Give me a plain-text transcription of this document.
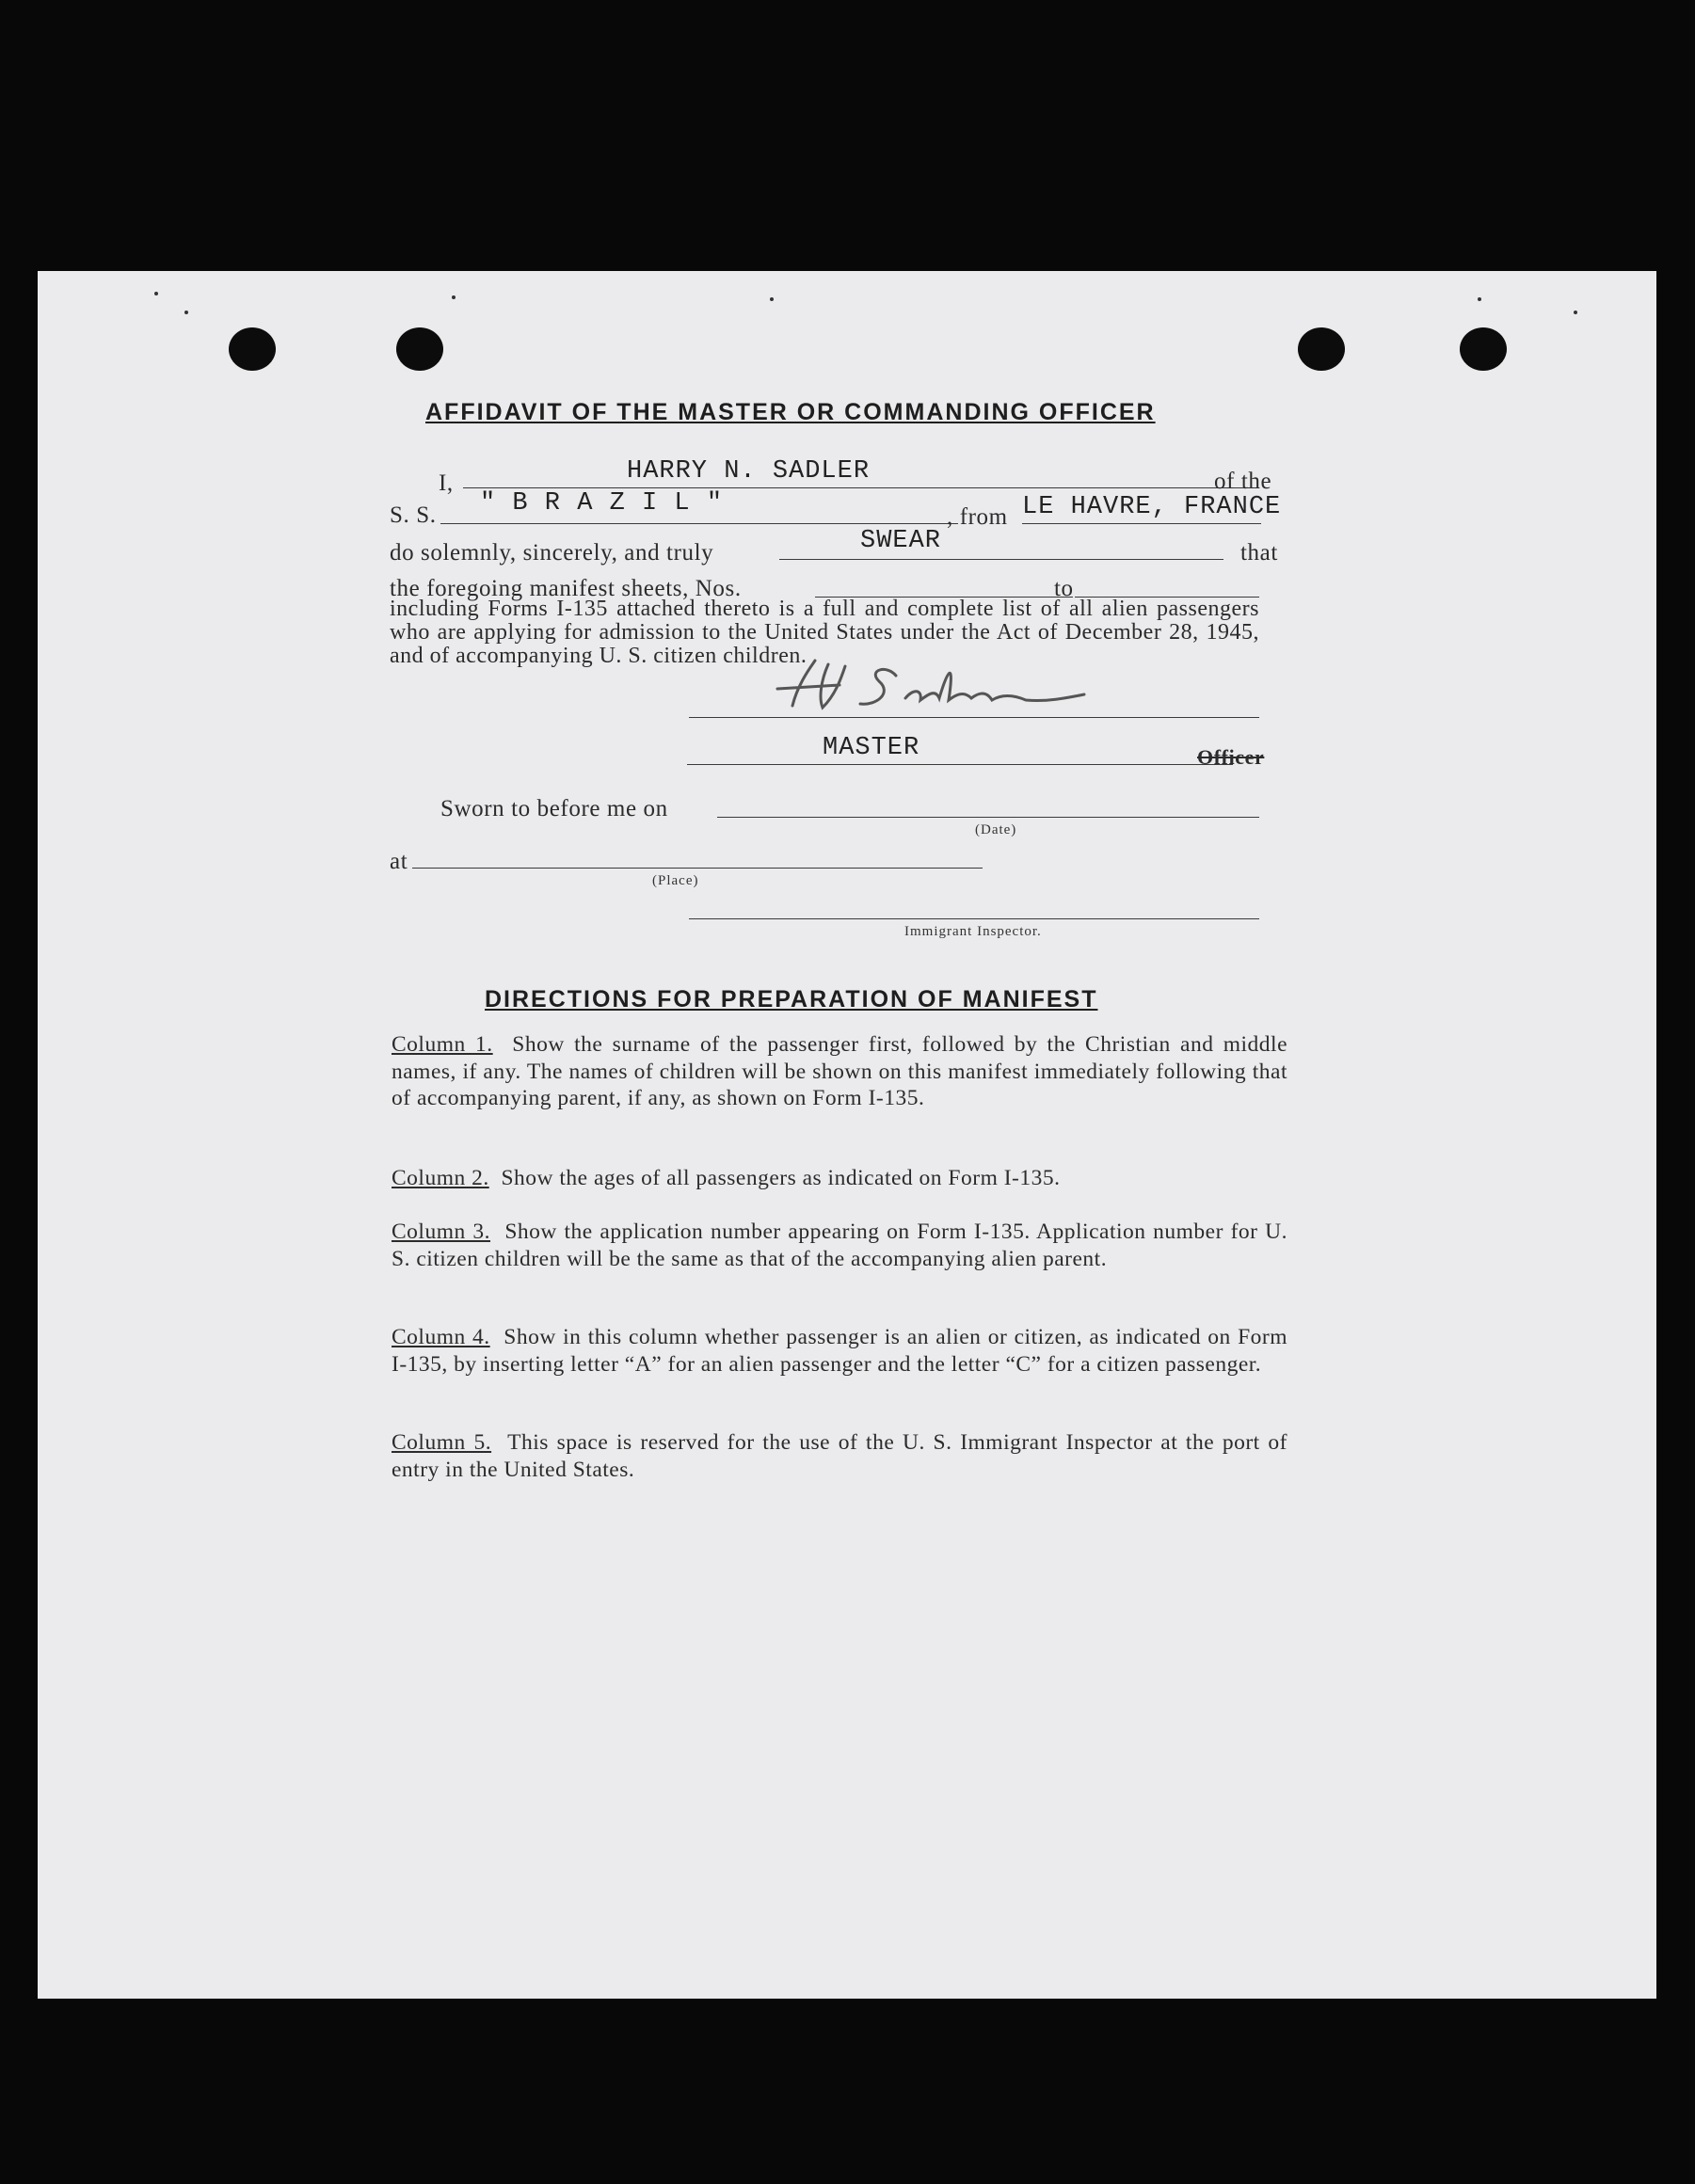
AFFIDAVIT OF THE MASTER OR COMMANDING OFFICER
I,	HARRY N. SADLER	of the
S. S. " B R A Z I L "	, from LE HAVRE, FRANCE
do solemnly, sincerely, and truly	SWEAR	that
the foregoing manifest sheets, Nos.	to
including Forms I-135 attached thereto is a full and complete list of all alien passengers who are applying for admission to the United States under the Act of December 28, 1945, and of accompanying U. S. citizen children.
MASTER	Officer
Sworn to before me on
(Date)
at
(Place)
Immigrant Inspector.
DIRECTIONS FOR PREPARATION OF MANIFEST
Column 1. Show the surname of the passenger first, followed by the Christian and middle names, if any. The names of children will be shown on this manifest immediately following that of accompanying parent, if any, as shown on Form I-135.
Column 2. Show the ages of all passengers as indicated on Form I-135.
Column 3. Show the application number appearing on Form I-135. Application number for U. S. citizen children will be the same as that of the accompanying alien parent.
Column 4. Show in this column whether passenger is an alien or citizen, as indicated on Form I-135, by inserting letter “A” for an alien passenger and the letter “C” for a citizen passenger.
Column 5. This space is reserved for the use of the U. S. Immigrant Inspector at the port of entry in the United States.
